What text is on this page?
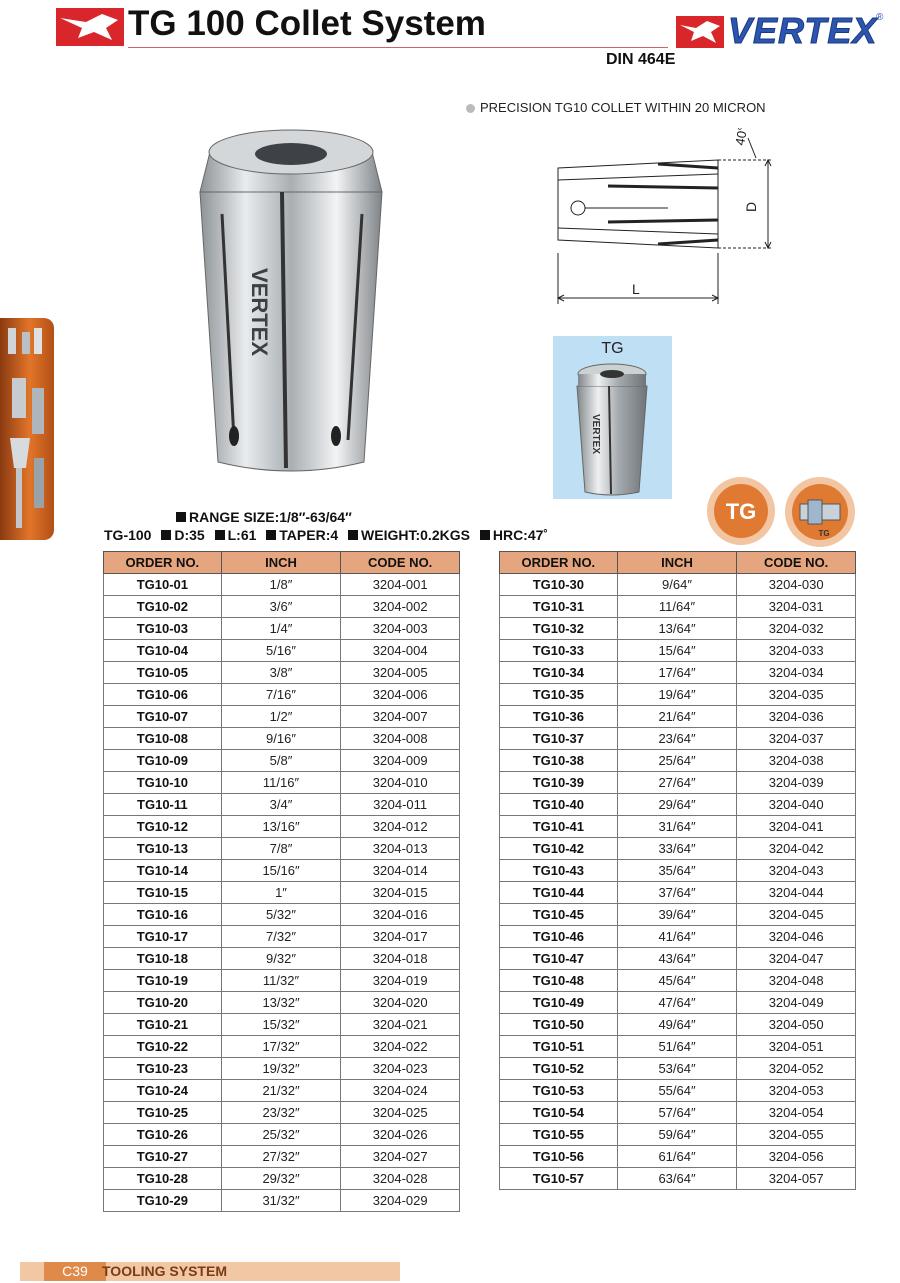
TG 100 Collet System	VERTEX
®
DIN 464E
PRECISION TG10 COLLET WITHIN 20 MICRON
VERTEX
40°
D
L
TG
VERTEX
TG
TG
RANGE SIZE:1/8″-63/64″
TG-100 D:35 L:61 TAPER:4 WEIGHT:0.2KGS HRC:47˚
ORDER NO.	INCH	CODE NO.
TG10-01	1/8″	3204-001
TG10-02	3/6″	3204-002
TG10-03	1/4″	3204-003
TG10-04	5/16″	3204-004
TG10-05	3/8″	3204-005
TG10-06	7/16″	3204-006
TG10-07	1/2″	3204-007
TG10-08	9/16″	3204-008
TG10-09	5/8″	3204-009
TG10-10	11/16″	3204-010
TG10-11	3/4″	3204-011
TG10-12	13/16″	3204-012
TG10-13	7/8″	3204-013
TG10-14	15/16″	3204-014
TG10-15	1″	3204-015
TG10-16	5/32″	3204-016
TG10-17	7/32″	3204-017
TG10-18	9/32″	3204-018
TG10-19	11/32″	3204-019
TG10-20	13/32″	3204-020
TG10-21	15/32″	3204-021
TG10-22	17/32″	3204-022
TG10-23	19/32″	3204-023
TG10-24	21/32″	3204-024
TG10-25	23/32″	3204-025
TG10-26	25/32″	3204-026
TG10-27	27/32″	3204-027
TG10-28	29/32″	3204-028
TG10-29	31/32″	3204-029
ORDER NO.	INCH	CODE NO.
TG10-30	9/64″	3204-030
TG10-31	11/64″	3204-031
TG10-32	13/64″	3204-032
TG10-33	15/64″	3204-033
TG10-34	17/64″	3204-034
TG10-35	19/64″	3204-035
TG10-36	21/64″	3204-036
TG10-37	23/64″	3204-037
TG10-38	25/64″	3204-038
TG10-39	27/64″	3204-039
TG10-40	29/64″	3204-040
TG10-41	31/64″	3204-041
TG10-42	33/64″	3204-042
TG10-43	35/64″	3204-043
TG10-44	37/64″	3204-044
TG10-45	39/64″	3204-045
TG10-46	41/64″	3204-046
TG10-47	43/64″	3204-047
TG10-48	45/64″	3204-048
TG10-49	47/64″	3204-049
TG10-50	49/64″	3204-050
TG10-51	51/64″	3204-051
TG10-52	53/64″	3204-052
TG10-53	55/64″	3204-053
TG10-54	57/64″	3204-054
TG10-55	59/64″	3204-055
TG10-56	61/64″	3204-056
TG10-57	63/64″	3204-057
C39	TOOLING SYSTEM
